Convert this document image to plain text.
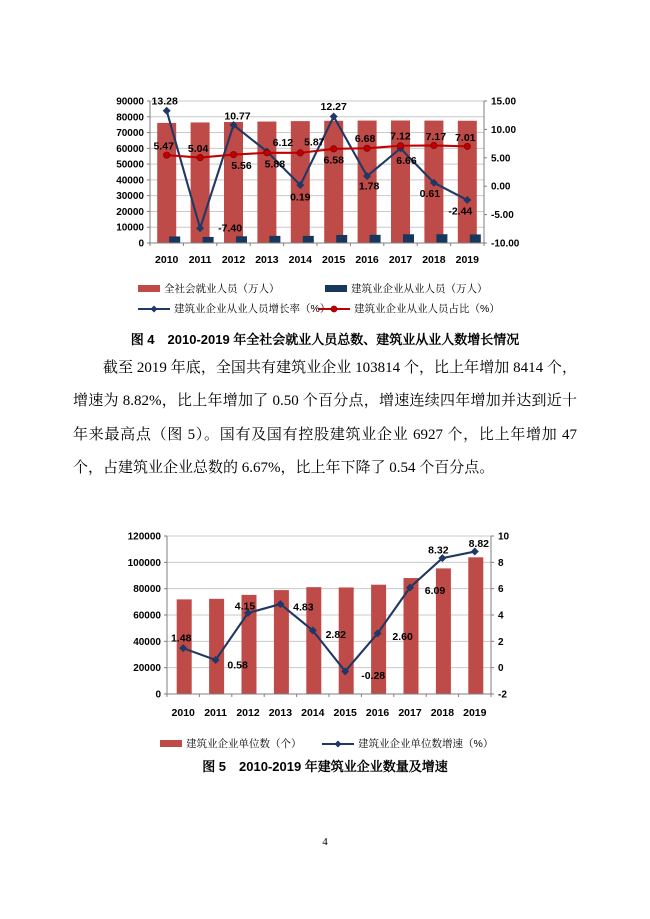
90000
80000
70000
60000
50000
40000
30000
20000
10000
0
15.00
10.00
5.00
0.00
-5.00
-10.00
2010 2011 2012 2013 2014 2015 2016 2017 2018 2019
13.28
-7.40
10.77
6.12
0.19
12.27
1.78
6.66
0.61
-2.44
5.47 5.04
5.56 5.88
5.87
6.58
6.68 7.12 7.17 7.01
全社会就业人员（万人）	建筑业企业从业人员（万人）
建筑业企业从业人员增长率（%） 建筑业企业从业人员占比（%）
图 4　2010-2019 年全社会就业人员总数、建筑业从业人数增长情况

截至 2019 年底，全国共有建筑业企业 103814 个，比上年增加 8414 个，增速为 8.82%，比上年增加了 0.50 个百分点，增速连续四年增加并达到近十年来最高点（图 5）。国有及国有控股建筑业企业 6927 个，比上年增加 47 个，占建筑业企业总数的 6.67%，比上年下降了 0.54 个百分点。

120000
100000
80000
60000
40000
20000
0
10
8
6
4
2
0
-2
2010 2011 2012 2013 2014 2015 2016 2017 2018 2019
1.48
0.58
4.15	4.83
2.82
-0.28
2.60
6.09
8.32
8.82
建筑业企业单位数（个）	建筑业企业单位数增速（%）
图 5　2010-2019 年建筑业企业数量及增速
4
